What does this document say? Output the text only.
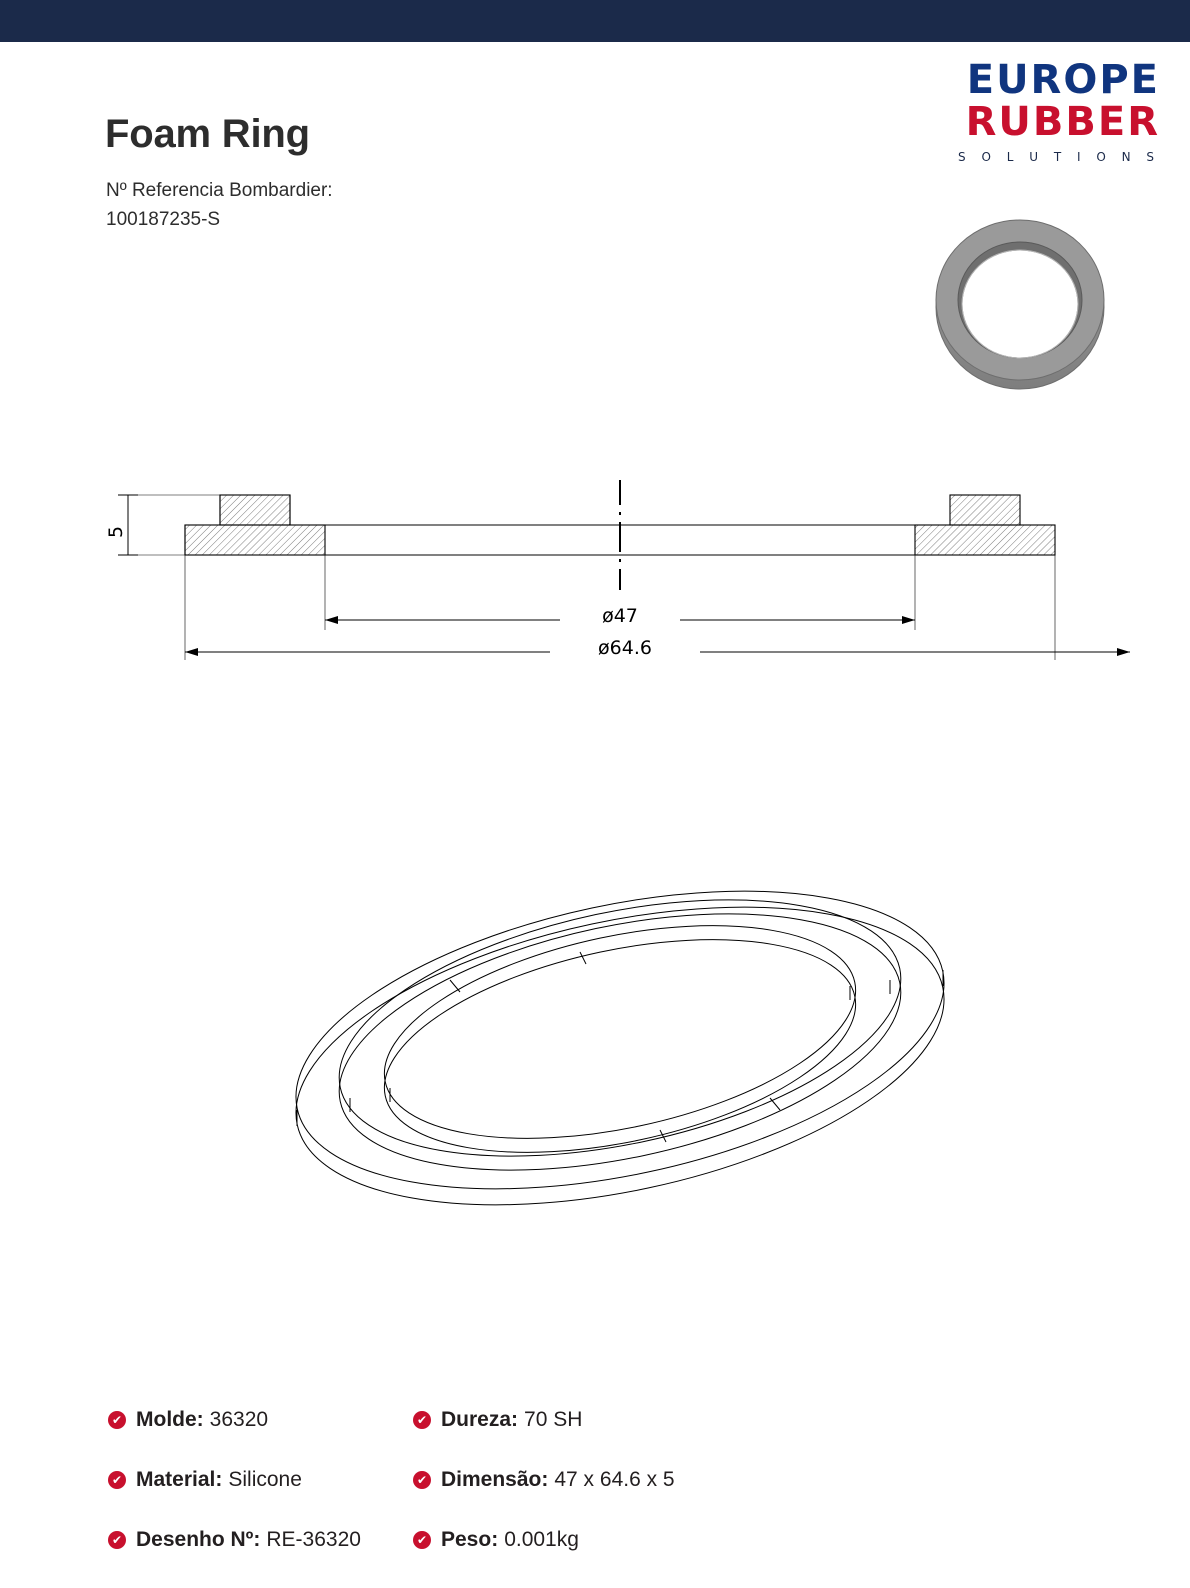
Foam Ring
Nº Referencia Bombardier:
100187235-S
EUROPE
RUBBER
S O L U T I O N S
5
ø47
ø64.6
✔ Molde: 36320	✔ Dureza: 70 SH
✔ Material: Silicone	✔ Dimensão: 47 x 64.6 x 5
✔ Desenho Nº: RE-36320	✔ Peso: 0.001kg
